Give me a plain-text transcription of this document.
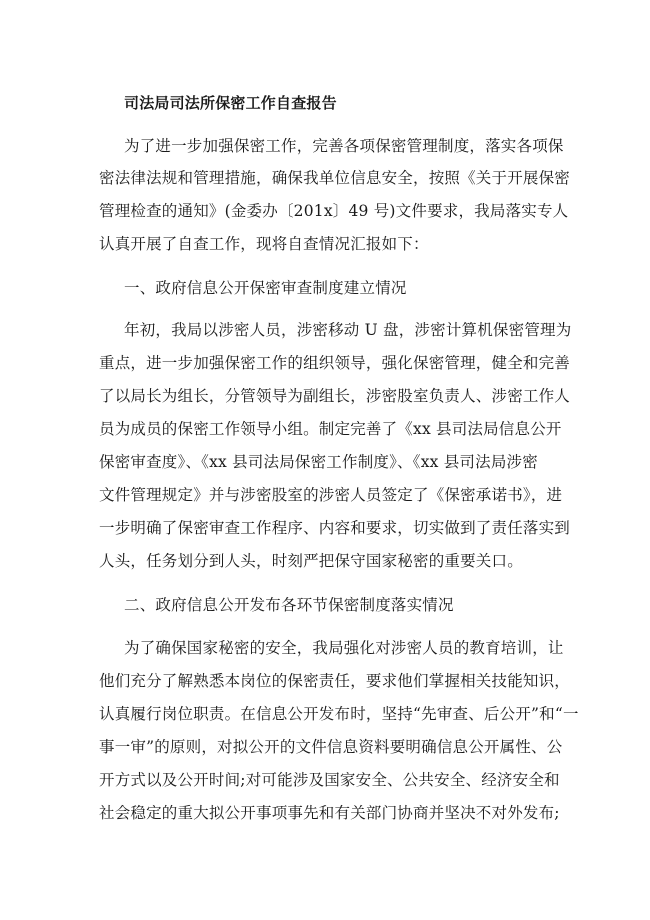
司法局司法所保密工作自查报告
为了进一步加强保密工作，完善各项保密管理制度，落实各项保
密法律法规和管理措施，确保我单位信息安全，按照《关于开展保密
管理检查的通知》(金委办〔201x〕49 号)文件要求，我局落实专人
认真开展了自查工作，现将自查情况汇报如下：
一、政府信息公开保密审查制度建立情况
年初，我局以涉密人员，涉密移动 U 盘，涉密计算机保密管理为
重点，进一步加强保密工作的组织领导，强化保密管理，健全和完善
了以局长为组长，分管领导为副组长，涉密股室负责人、涉密工作人
员为成员的保密工作领导小组。制定完善了《xx 县司法局信息公开
保密审查度》、《xx 县司法局保密工作制度》、《xx 县司法局涉密
文件管理规定》并与涉密股室的涉密人员签定了《保密承诺书》，进
一步明确了保密审查工作程序、内容和要求，切实做到了责任落实到
人头，任务划分到人头，时刻严把保守国家秘密的重要关口。
二、政府信息公开发布各环节保密制度落实情况
为了确保国家秘密的安全，我局强化对涉密人员的教育培训，让
他们充分了解熟悉本岗位的保密责任，要求他们掌握相关技能知识，
认真履行岗位职责。在信息公开发布时，坚持“先审查、后公开”和“一
事一审”的原则，对拟公开的文件信息资料要明确信息公开属性、公
开方式以及公开时间;对可能涉及国家安全、公共安全、经济安全和
社会稳定的重大拟公开事项事先和有关部门协商并坚决不对外发布;
